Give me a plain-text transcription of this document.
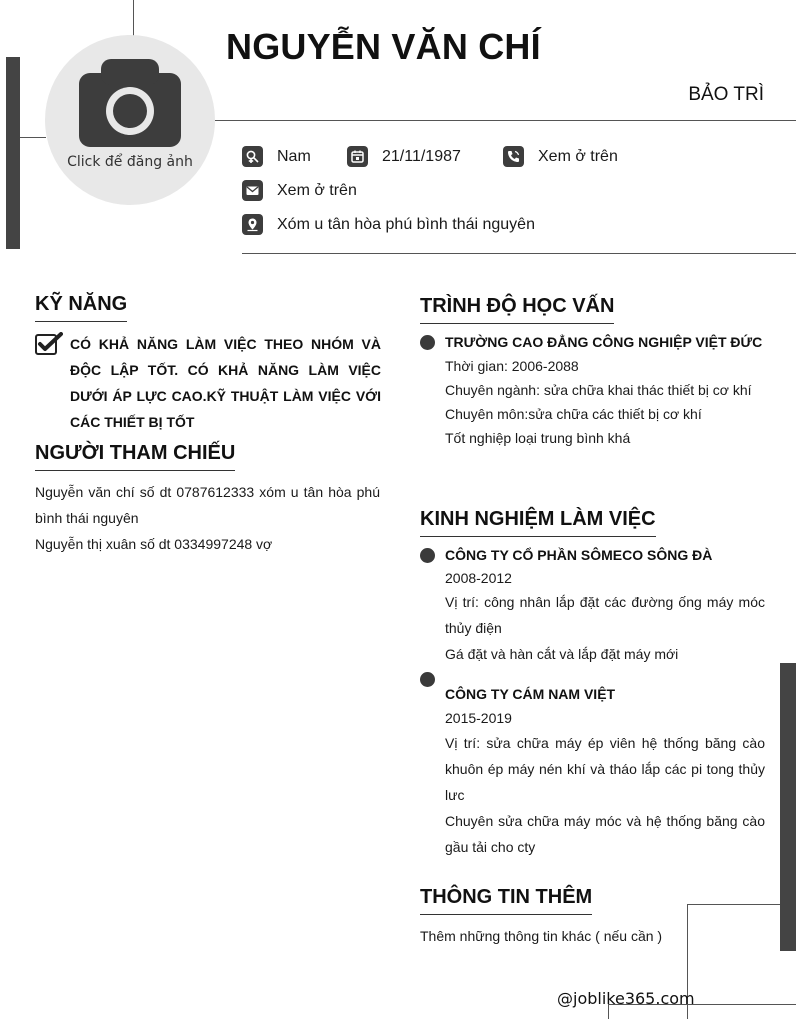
Click để đăng ảnh
NGUYỄN VĂN CHÍ
BẢO TRÌ
Nam	21/11/1987	Xem ở trên
Xem ở trên
Xóm u tân hòa phú bình thái nguyên
KỸ NĂNG
CÓ KHẢ NĂNG LÀM VIỆC THEO NHÓM VÀ ĐỘC LẬP TỐT. CÓ KHẢ NĂNG LÀM VIỆC DƯỚI ÁP LỰC CAO.KỸ THUẬT LÀM VIỆC VỚI CÁC THIẾT BỊ TỐT
NGƯỜI THAM CHIẾU
Nguyễn văn chí số dt 0787612333 xóm u tân hòa phú bình thái nguyên
Nguyễn thị xuân số dt 0334997248 vợ
TRÌNH ĐỘ HỌC VẤN
TRƯỜNG CAO ĐẲNG CÔNG NGHIỆP VIỆT ĐỨC
Thời gian: 2006-2088
Chuyên ngành: sửa chữa khai thác thiết bị cơ khí
Chuyên môn:sửa chữa các thiết bị cơ khí
Tốt nghiệp loại trung bình khá
KINH NGHIỆM LÀM VIỆC
CÔNG TY CỔ PHẦN SÔMECO SÔNG ĐÀ
2008-2012
Vị trí: công nhân lắp đặt các đường ống máy móc thủy điện
Gá đặt và hàn cắt và lắp đặt máy mới
CÔNG TY CÁM NAM VIỆT
2015-2019
Vị trí: sửa chữa máy ép viên hệ thống băng cào khuôn ép máy nén khí và tháo lắp các pi tong thủy lưc
Chuyên sửa chữa máy móc và hệ thống băng cào gầu tải cho cty
THÔNG TIN THÊM
Thêm những thông tin khác ( nếu cần )
@joblike365.com
